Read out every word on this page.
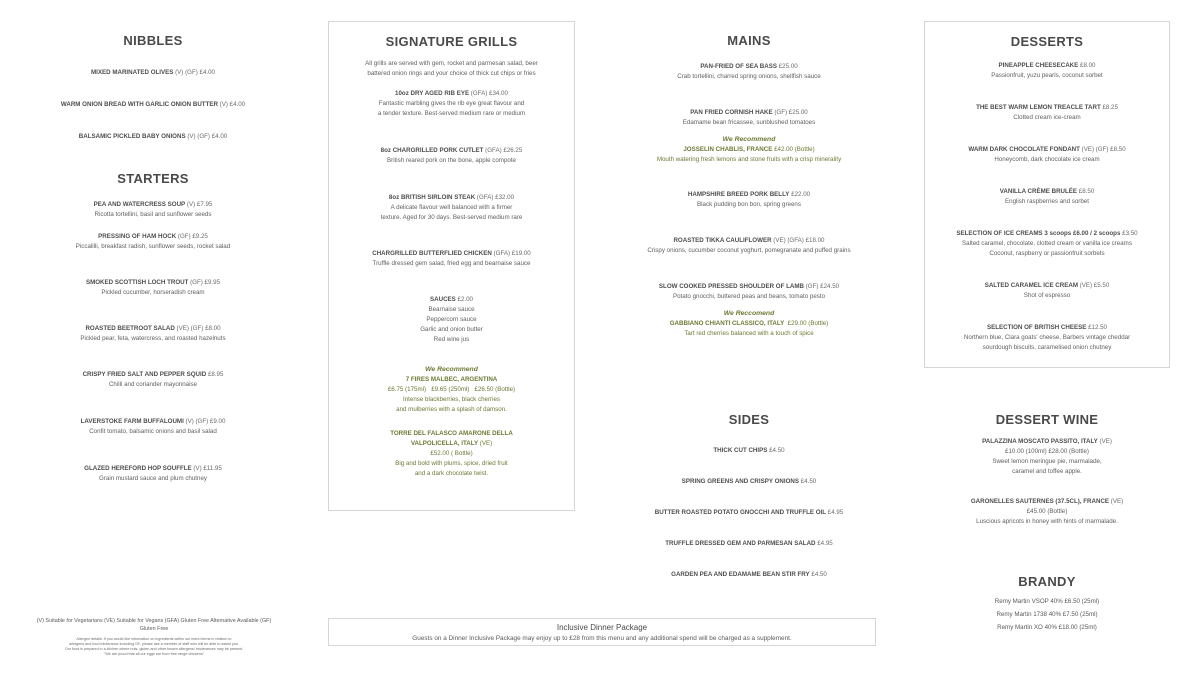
NIBBLES
MIXED MARINATED OLIVES (V) (GF) £4.00
WARM ONION BREAD WITH GARLIC ONION BUTTER (V) £4.00
BALSAMIC PICKLED BABY ONIONS (V) (GF) £4.00
STARTERS
PEA AND WATERCRESS SOUP (V) £7.95
Ricotta tortellini, basil and sunflower seeds
PRESSING OF HAM HOCK (GF) £9.25
Piccalilli, breakfast radish, sunflower seeds, rocket salad
SMOKED SCOTTISH LOCH TROUT (GF) £9.95
Pickled cucumber, horseradish cream
ROASTED BEETROOT SALAD (VE) (GF) £8.00
Pickled pear, feta, watercress, and roasted hazelnuts
CRISPY FRIED SALT AND PEPPER SQUID £8.95
Chilli and coriander mayonnaise
LAVERSTOKE FARM BUFFALOUMI (V) (GF) £9.00
Confit tomato, balsamic onions and basil salad
GLAZED HEREFORD HOP SOUFFLE (V) £11.95
Grain mustard sauce and plum chutney
(V) Suitable for Vegetarians (VE) Suitable for Vegans (GFA) Gluten Free Alternative Available (GF) Gluten Free
Allergen details: If you would like information on ingredients within our menu items in relation to
allergens and food intolerance including GF, please ask a member of staff who will be able to assist you.
Our food is prepared in a kitchen where nuts, gluten and other known allergens/ intolerances may be present.
"We are proud that all our eggs are from free range chickens"
SIGNATURE GRILLS
All grills are served with gem, rocket and parmesan salad, beer
battered onion rings and your choice of thick cut chips or fries
10oz DRY AGED RIB EYE (GFA) £34.00
Fantastic marbling gives the rib eye great flavour and
a tender texture. Best-served medium rare or medium
8oz CHARGRILLED PORK CUTLET (GFA) £26.25
British reared pork on the bone, apple compote
8oz BRITISH SIRLOIN STEAK (GFA) £32.00
A delicate flavour well balanced with a firmer
texture. Aged for 30 days. Best-served medium rare
CHARGRILLED BUTTERFLIED CHICKEN (GFA) £19.00
Truffle dressed gem salad, fried egg and bearnaise sauce
SAUCES £2.00
Bearnaise sauce
Peppercorn sauce
Garlic and onion butter
Red wine jus
We Recommend
7 FIRES MALBEC, ARGENTINA
£6.75 (175ml)   £9.65 (250ml)   £26.50 (Bottle)
Intense blackberries, black cherries
and mulberries with a splash of damson.
TORRE DEL FALASCO AMARONE DELLA
VALPOLICELLA, ITALY (VE)
£52.00 ( Bottle)
Big and bold with plums, spice, dried fruit
and a dark chocolate twist.
MAINS
PAN-FRIED OF SEA BASS £25.00
Crab tortellini, charred spring onions, shellfish sauce
PAN FRIED CORNISH HAKE (GF) £25.00
Edamame bean fricassee, sunblushed tomatoes
We Recommend
JOSSELIN CHABLIS, FRANCE £42.00 (Bottle)
Mouth watering fresh lemons and stone fruits with a crisp minerality
HAMPSHIRE BREED PORK BELLY £22.00
Black pudding bon bon, spring greens
ROASTED TIKKA CAULIFLOWER (VE) (GFA) £18.00
Crispy onions, cucumber coconut yoghurt, pomegranate and puffed grains
SLOW COOKED PRESSED SHOULDER OF LAMB (GF) £24.50
Potato gnocchi, buttered peas and beans, tomato pesto
We Reccomend
GABBIANO CHIANTI CLASSICO, ITALY  £29.00 (Bottle)
Tart red cherries balanced with a touch of spice
SIDES
THICK CUT CHIPS £4.50
SPRING GREENS AND CRISPY ONIONS £4.50
BUTTER ROASTED POTATO GNOCCHI AND TRUFFLE OIL £4.95
TRUFFLE DRESSED GEM AND PARMESAN SALAD £4.95
GARDEN PEA AND EDAMAME BEAN STIR FRY £4.50
Inclusive Dinner Package
Guests on a Dinner Inclusive Package may enjoy up to £28 from this menu and any additional spend will be charged as a supplement.
DESSERTS
PINEAPPLE CHEESECAKE £8.00
Passionfruit, yuzu pearls, coconut sorbet
THE BEST WARM LEMON TREACLE TART £8.25
Clotted cream ice-cream
WARM DARK CHOCOLATE FONDANT (VE) (GF) £8.50
Honeycomb, dark chocolate ice cream
VANILLA CRÈME BRULÉE £8.50
English raspberries and sorbet
SELECTION OF ICE CREAMS 3 scoops £6.00 / 2 scoops £3.50
Salted caramel, chocolate, clotted cream or vanilla ice creams
Coconut, raspberry or passionfruit sorbets
SALTED CARAMEL ICE CREAM (VE) £5.50
Shot of espresso
SELECTION OF BRITISH CHEESE £12.50
Northern blue, Clara goats' cheese, Barbers vintage cheddar
sourdough biscuits, caramelised onion chutney
DESSERT WINE
PALAZZINA MOSCATO PASSITO, ITALY (VE)
£10.00 (100ml) £28.00 (Bottle)
Sweet lemon meringue pie, marmalade,
caramel and toffee apple.
GARONELLES SAUTERNES (37.5CL), FRANCE (VE)
£45.00 (Bottle)
Luscious apricots in honey with hints of marmalade.
BRANDY
Remy Martin VSOP 40% £6.50 (25ml)
Remy Martin 1738 40% £7.50 (25ml)
Remy Martin XO 40% £18.00 (25ml)
